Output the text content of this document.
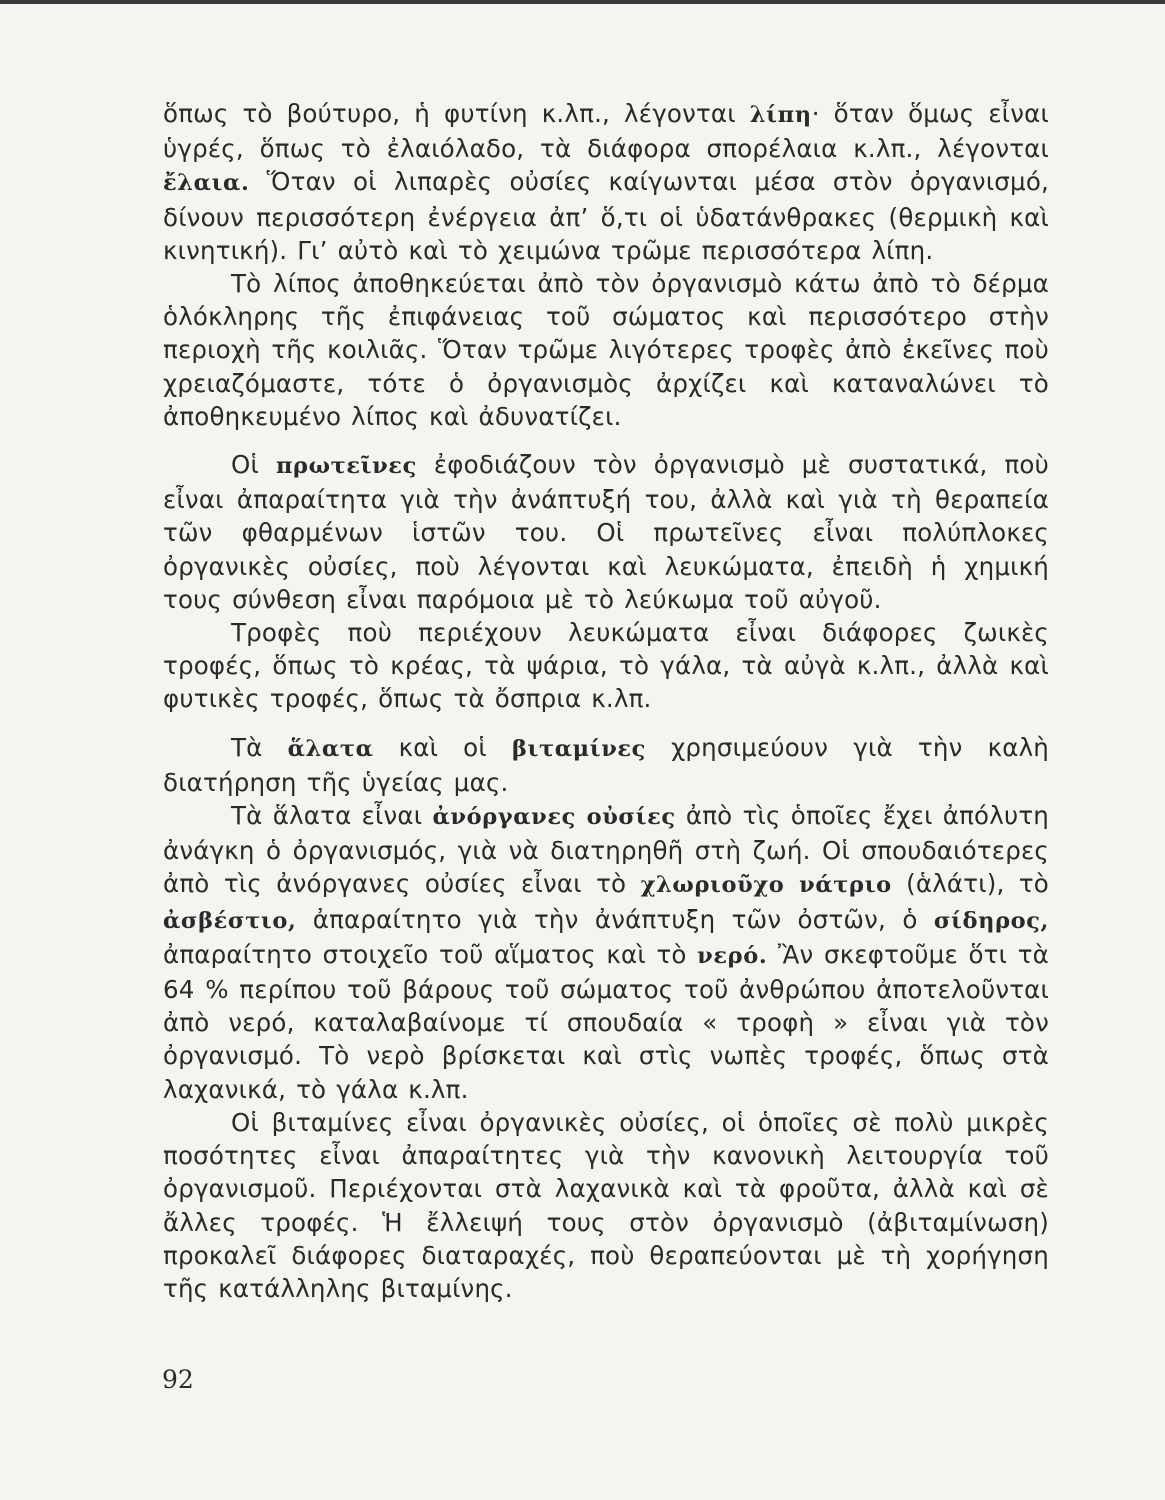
ὅπως τὸ βούτυρο, ἡ φυτίνη κ.λπ., λέγονται λίπη· ὅταν ὅμως εἶναι ὑγρές, ὅπως τὸ ἐλαιόλαδο, τὰ διάφορα σπορέλαια κ.λπ., λέγονται ἔλαια. Ὅταν οἱ λιπαρὲς οὐσίες καίγωνται μέσα στὸν ὀργανισμό, δίνουν περισσότερη ἐνέργεια ἀπ’ ὅ,τι οἱ ὑδατάνθρακες (θερμικὴ καὶ κινητική). Γι’ αὐτὸ καὶ τὸ χειμώνα τρῶμε περισσότερα λίπη.

Τὸ λίπος ἀποθηκεύεται ἀπὸ τὸν ὀργανισμὸ κάτω ἀπὸ τὸ δέρμα ὁλόκληρης τῆς ἐπιφάνειας τοῦ σώματος καὶ περισσότερο στὴν περιοχὴ τῆς κοιλιᾶς. Ὅταν τρῶμε λιγότερες τροφὲς ἀπὸ ἐκεῖνες ποὺ χρειαζόμαστε, τότε ὁ ὀργανισμὸς ἀρχίζει καὶ καταναλώνει τὸ ἀποθηκευμένο λίπος καὶ ἀδυνατίζει.

Οἱ πρωτεῖνες ἐφοδιάζουν τὸν ὀργανισμὸ μὲ συστατικά, ποὺ εἶναι ἀπαραίτητα γιὰ τὴν ἀνάπτυξή του, ἀλλὰ καὶ γιὰ τὴ θεραπεία τῶν φθαρμένων ἱστῶν του. Οἱ πρωτεῖνες εἶναι πολύπλοκες ὀργανικὲς οὐσίες, ποὺ λέγονται καὶ λευκώματα, ἐπειδὴ ἡ χημική τους σύνθεση εἶναι παρόμοια μὲ τὸ λεύκωμα τοῦ αὐγοῦ.

Τροφὲς ποὺ περιέχουν λευκώματα εἶναι διάφορες ζωικὲς τροφές, ὅπως τὸ κρέας, τὰ ψάρια, τὸ γάλα, τὰ αὐγὰ κ.λπ., ἀλλὰ καὶ φυτικὲς τροφές, ὅπως τὰ ὄσπρια κ.λπ.

Τὰ ἅλατα καὶ οἱ βιταμίνες χρησιμεύουν γιὰ τὴν καλὴ διατήρηση τῆς ὑγείας μας.

Τὰ ἅλατα εἶναι ἀνόργανες οὐσίες ἀπὸ τὶς ὁποῖες ἔχει ἀπόλυτη ἀνάγκη ὁ ὀργανισμός, γιὰ νὰ διατηρηθῆ στὴ ζωή. Οἱ σπουδαιότερες ἀπὸ τὶς ἀνόργανες οὐσίες εἶναι τὸ χλωριοῦχο νάτριο (ἁλάτι), τὸ ἀσβέστιο, ἀπαραίτητο γιὰ τὴν ἀνάπτυξη τῶν ὀστῶν, ὁ σίδηρος, ἀπαραίτητο στοιχεῖο τοῦ αἵματος καὶ τὸ νερό. Ἂν σκεφτοῦμε ὅτι τὰ 64 % περίπου τοῦ βάρους τοῦ σώματος τοῦ ἀνθρώπου ἀποτελοῦνται ἀπὸ νερό, καταλαβαίνομε τί σπουδαία « τροφὴ » εἶναι γιὰ τὸν ὀργανισμό. Τὸ νερὸ βρίσκεται καὶ στὶς νωπὲς τροφές, ὅπως στὰ λαχανικά, τὸ γάλα κ.λπ.

Οἱ βιταμίνες εἶναι ὀργανικὲς οὐσίες, οἱ ὁποῖες σὲ πολὺ μικρὲς ποσότητες εἶναι ἀπαραίτητες γιὰ τὴν κανονικὴ λειτουργία τοῦ ὀργανισμοῦ. Περιέχονται στὰ λαχανικὰ καὶ τὰ φροῦτα, ἀλλὰ καὶ σὲ ἄλλες τροφές. Ἡ ἔλλειψή τους στὸν ὀργανισμὸ (ἀβιταμίνωση) προκαλεῖ διάφορες διαταραχές, ποὺ θεραπεύονται μὲ τὴ χορήγηση τῆς κατάλληλης βιταμίνης.

92
